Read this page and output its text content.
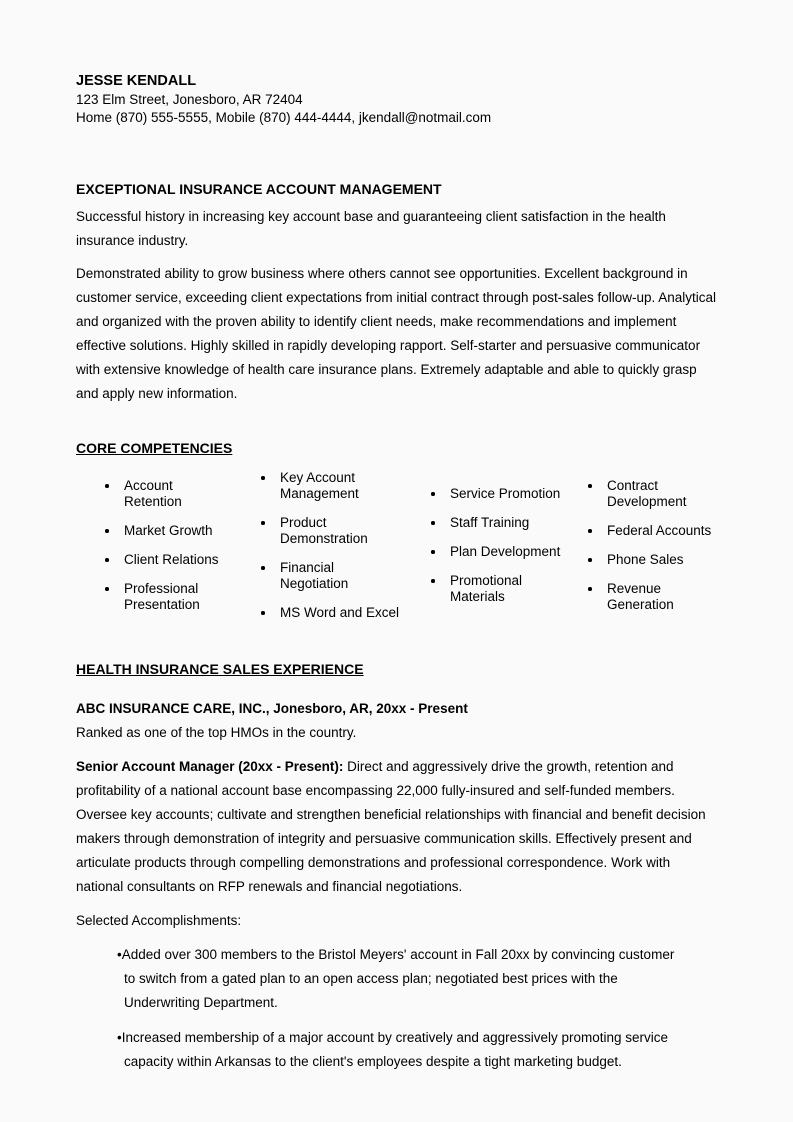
JESSE KENDALL
123 Elm Street, Jonesboro, AR 72404
Home (870) 555-5555, Mobile (870) 444-4444, jkendall@notmail.com
EXCEPTIONAL INSURANCE ACCOUNT MANAGEMENT

Successful history in increasing key account base and guaranteeing client satisfaction in the health insurance industry.

Demonstrated ability to grow business where others cannot see opportunities. Excellent background in customer service, exceeding client expectations from initial contract through post-sales follow-up. Analytical and organized with the proven ability to identify client needs, make recommendations and implement effective solutions. Highly skilled in rapidly developing rapport. Self-starter and persuasive communicator with extensive knowledge of health care insurance plans. Extremely adaptable and able to quickly grasp and apply new information.

CORE COMPETENCIES
Account Retention
Market Growth
Client Relations
Professional Presentation
Key Account Management
Product Demonstration
Financial Negotiation
MS Word and Excel
Service Promotion
Staff Training
Plan Development
Promotional Materials
Contract Development
Federal Accounts
Phone Sales
Revenue Generation
HEALTH INSURANCE SALES EXPERIENCE

ABC INSURANCE CARE, INC., Jonesboro, AR, 20xx - Present

Ranked as one of the top HMOs in the country.

Senior Account Manager (20xx - Present): Direct and aggressively drive the growth, retention and profitability of a national account base encompassing 22,000 fully-insured and self-funded members. Oversee key accounts; cultivate and strengthen beneficial relationships with financial and benefit decision makers through demonstration of integrity and persuasive communication skills. Effectively present and articulate products through compelling demonstrations and professional correspondence. Work with national consultants on RFP renewals and financial negotiations.

Selected Accomplishments:

•Added over 300 members to the Bristol Meyers' account in Fall 20xx by convincing customer to switch from a gated plan to an open access plan; negotiated best prices with the Underwriting Department.
•Increased membership of a major account by creatively and aggressively promoting service capacity within Arkansas to the client's employees despite a tight marketing budget.
